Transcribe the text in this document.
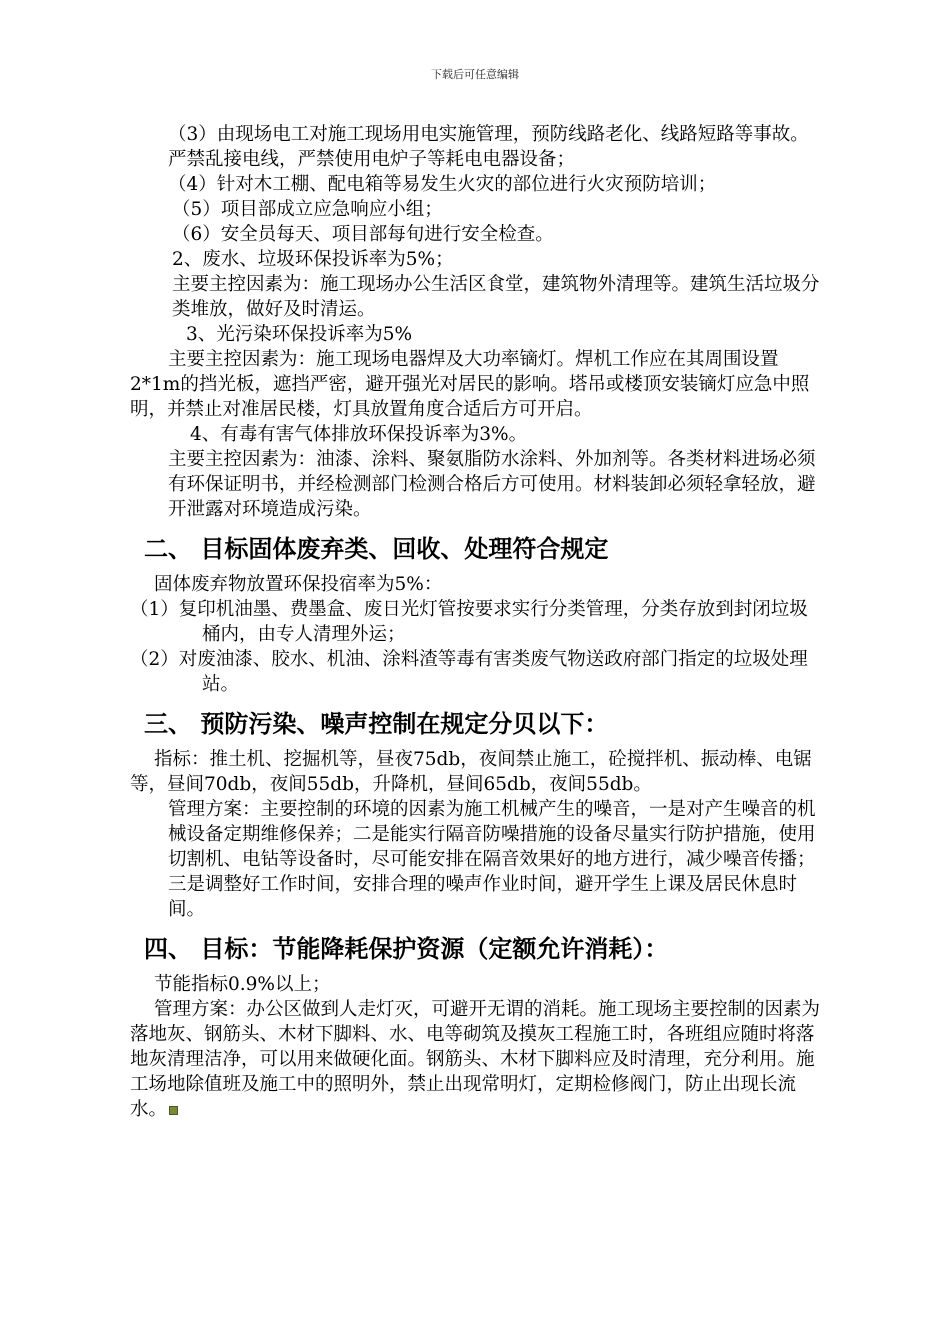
下载后可任意编辑

（3）由现场电工对施工现场用电实施管理，预防线路老化、线路短路等事故。严禁乱接电线，严禁使用电炉子等耗电电器设备；

（4）针对木工棚、配电箱等易发生火灾的部位进行火灾预防培训；

（5）项目部成立应急响应小组；

（6）安全员每天、项目部每旬进行安全检查。

2、废水、垃圾环保投诉率为5%；

主要主控因素为：施工现场办公生活区食堂，建筑物外清理等。建筑生活垃圾分类堆放，做好及时清运。

3、光污染环保投诉率为5%

主要主控因素为：施工现场电器焊及大功率镝灯。焊机工作应在其周围设置2*1m的挡光板，遮挡严密，避开强光对居民的影响。塔吊或楼顶安装镝灯应急中照明，并禁止对准居民楼，灯具放置角度合适后方可开启。

4、有毒有害气体排放环保投诉率为3%。

主要主控因素为：油漆、涂料、聚氨脂防水涂料、外加剂等。各类材料进场必须有环保证明书，并经检测部门检测合格后方可使用。材料装卸必须轻拿轻放，避开泄露对环境造成污染。

二、 目标固体废弃类、回收、处理符合规定

固体废弃物放置环保投宿率为5%：

（1）复印机油墨、费墨盒、废日光灯管按要求实行分类管理，分类存放到封闭垃圾桶内，由专人清理外运；

（2）对废油漆、胶水、机油、涂料渣等毒有害类废气物送政府部门指定的垃圾处理站。

三、 预防污染、噪声控制在规定分贝以下：

指标：推土机、挖掘机等，昼夜75db，夜间禁止施工，砼搅拌机、振动棒、电锯等，昼间70db，夜间55db，升降机，昼间65db，夜间55db。

管理方案：主要控制的环境的因素为施工机械产生的噪音，一是对产生噪音的机械设备定期维修保养；二是能实行隔音防噪措施的设备尽量实行防护措施，使用切割机、电钻等设备时，尽可能安排在隔音效果好的地方进行，减少噪音传播；三是调整好工作时间，安排合理的噪声作业时间，避开学生上课及居民休息时间。

四、 目标：节能降耗保护资源（定额允许消耗）：

节能指标0.9%以上；

管理方案：办公区做到人走灯灭，可避开无谓的消耗。施工现场主要控制的因素为落地灰、钢筋头、木材下脚料、水、电等砌筑及摸灰工程施工时，各班组应随时将落地灰清理洁净，可以用来做硬化面。钢筋头、木材下脚料应及时清理，充分利用。施工场地除值班及施工中的照明外，禁止出现常明灯，定期检修阀门，防止出现长流水。
